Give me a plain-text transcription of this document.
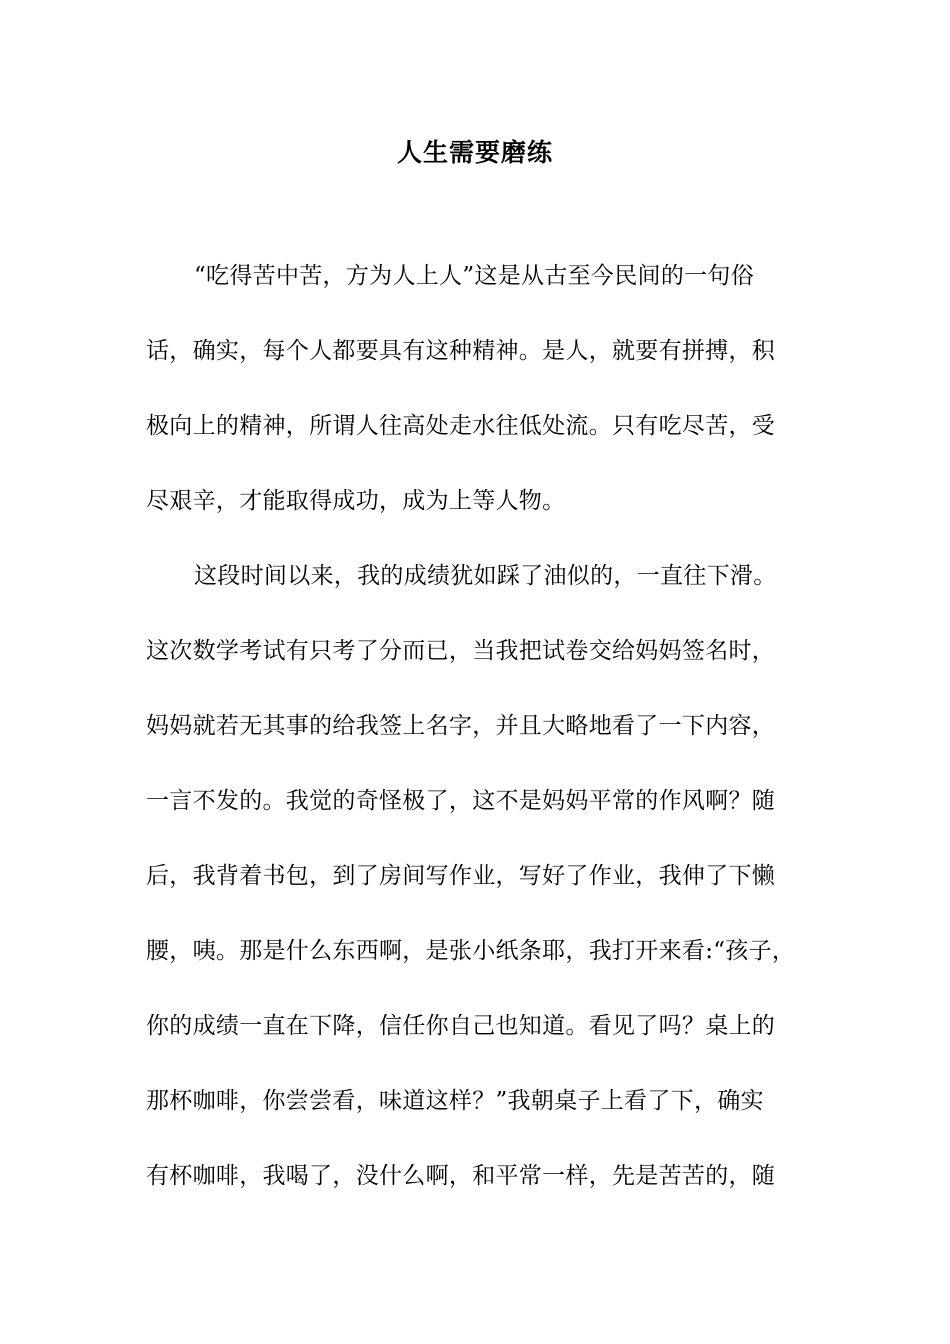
人生需要磨练
“吃得苦中苦，方为人上人”这是从古至今民间的一句俗
话，确实，每个人都要具有这种精神。是人，就要有拼搏，积
极向上的精神，所谓人往高处走水往低处流。只有吃尽苦，受
尽艰辛，才能取得成功，成为上等人物。
这段时间以来，我的成绩犹如踩了油似的，一直往下滑。
这次数学考试有只考了分而已，当我把试卷交给妈妈签名时，
妈妈就若无其事的给我签上名字，并且大略地看了一下内容，
一言不发的。我觉的奇怪极了，这不是妈妈平常的作风啊？随
后，我背着书包，到了房间写作业，写好了作业，我伸了下懒
腰，咦。那是什么东西啊，是张小纸条耶，我打开来看:“孩子，
你的成绩一直在下降，信任你自己也知道。看见了吗？桌上的
那杯咖啡，你尝尝看，味道这样？”我朝桌子上看了下，确实
有杯咖啡，我喝了，没什么啊，和平常一样，先是苦苦的，随
